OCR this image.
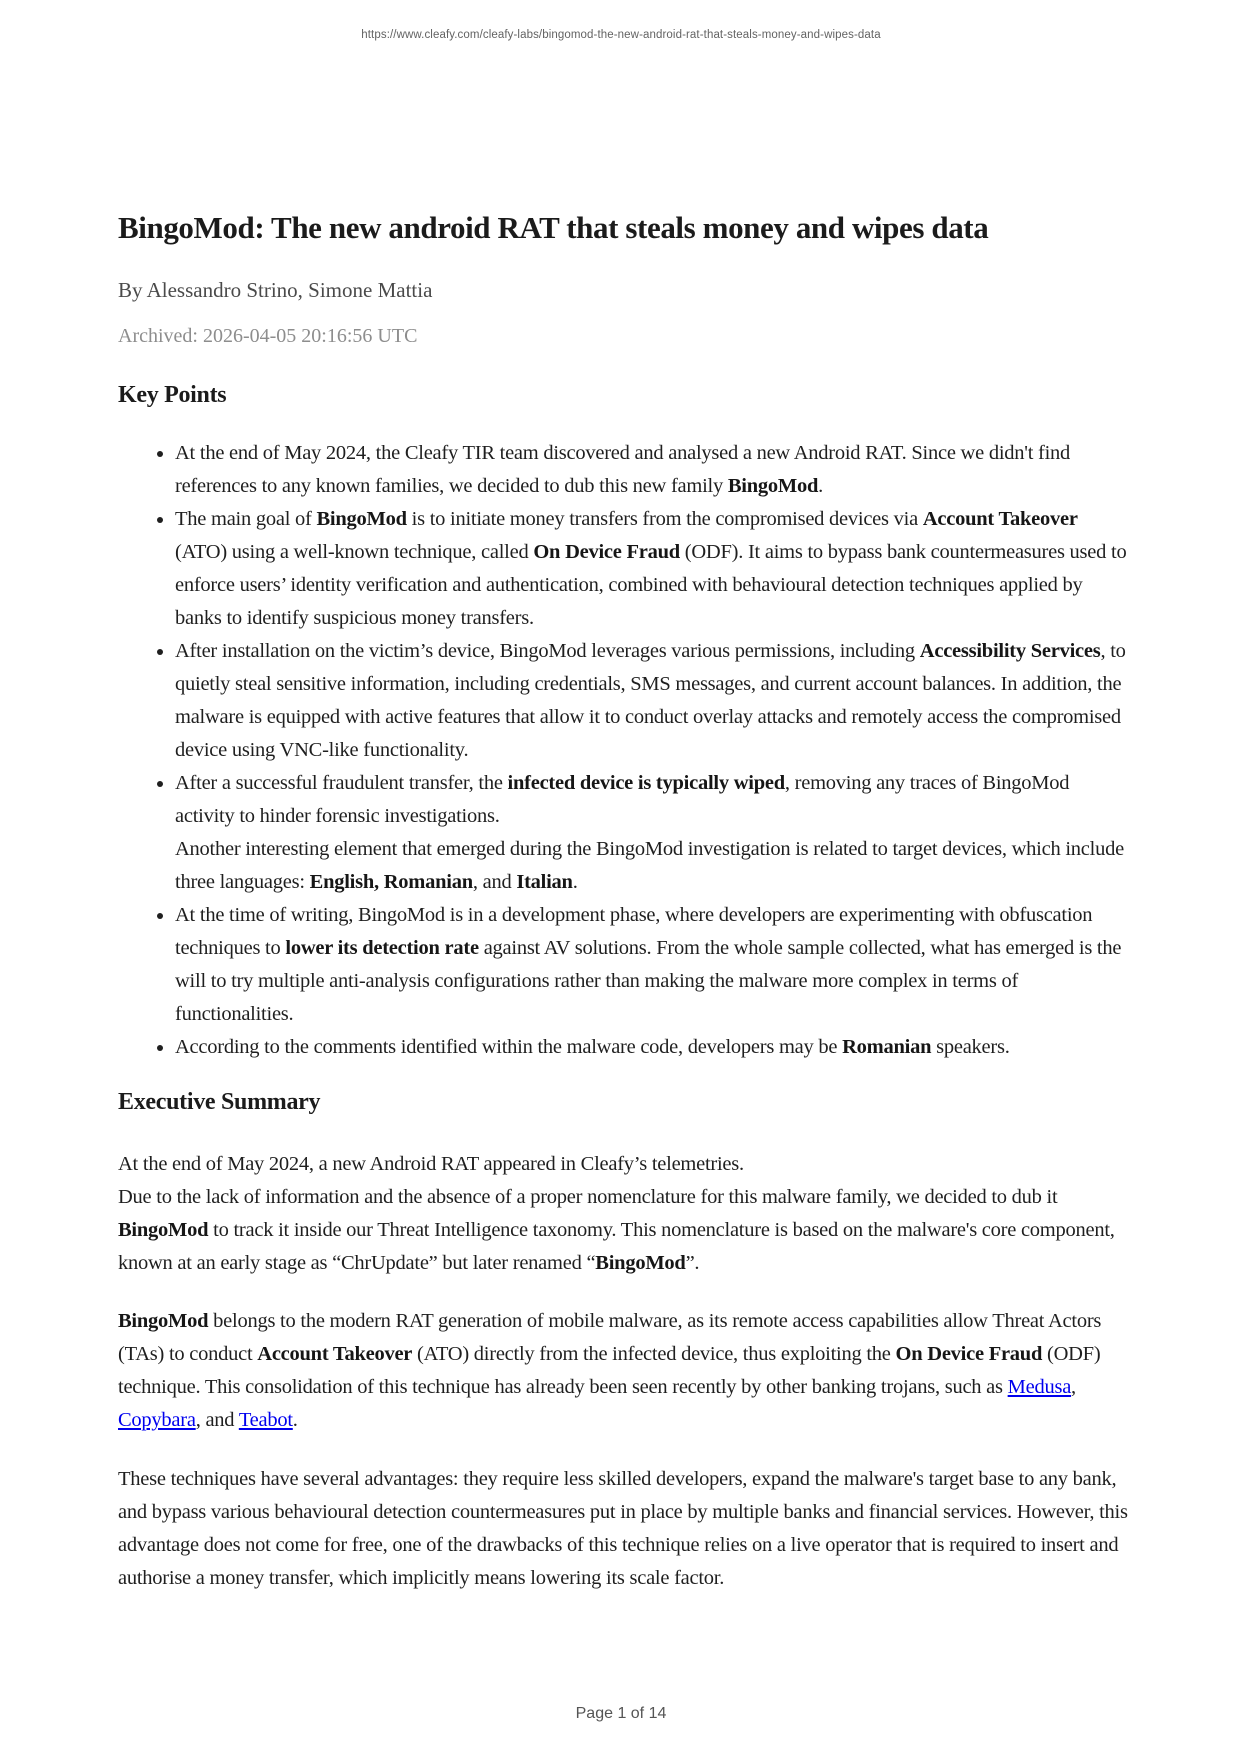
https://www.cleafy.com/cleafy-labs/bingomod-the-new-android-rat-that-steals-money-and-wipes-data
BingoMod: The new android RAT that steals money and wipes data

By Alessandro Strino, Simone Mattia

Archived: 2026-04-05 20:16:56 UTC

Key Points
• At the end of May 2024, the Cleafy TIR team discovered and analysed a new Android RAT. Since we didn't find references to any known families, we decided to dub this new family BingoMod.
• The main goal of BingoMod is to initiate money transfers from the compromised devices via Account Takeover (ATO) using a well-known technique, called On Device Fraud (ODF). It aims to bypass bank countermeasures used to enforce users’ identity verification and authentication, combined with behavioural detection techniques applied by banks to identify suspicious money transfers.
• After installation on the victim’s device, BingoMod leverages various permissions, including Accessibility Services, to quietly steal sensitive information, including credentials, SMS messages, and current account balances. In addition, the malware is equipped with active features that allow it to conduct overlay attacks and remotely access the compromised device using VNC-like functionality.
• After a successful fraudulent transfer, the infected device is typically wiped, removing any traces of BingoMod activity to hinder forensic investigations.
Another interesting element that emerged during the BingoMod investigation is related to target devices, which include three languages: English, Romanian, and Italian.
• At the time of writing, BingoMod is in a development phase, where developers are experimenting with obfuscation techniques to lower its detection rate against AV solutions. From the whole sample collected, what has emerged is the will to try multiple anti-analysis configurations rather than making the malware more complex in terms of functionalities.
• According to the comments identified within the malware code, developers may be Romanian speakers.
Executive Summary

At the end of May 2024, a new Android RAT appeared in Cleafy’s telemetries.
Due to the lack of information and the absence of a proper nomenclature for this malware family, we decided to dub it BingoMod to track it inside our Threat Intelligence taxonomy. This nomenclature is based on the malware's core component, known at an early stage as “ChrUpdate” but later renamed “BingoMod”.

BingoMod belongs to the modern RAT generation of mobile malware, as its remote access capabilities allow Threat Actors (TAs) to conduct Account Takeover (ATO) directly from the infected device, thus exploiting the On Device Fraud (ODF) technique. This consolidation of this technique has already been seen recently by other banking trojans, such as Medusa, Copybara, and Teabot.

These techniques have several advantages: they require less skilled developers, expand the malware's target base to any bank, and bypass various behavioural detection countermeasures put in place by multiple banks and financial services. However, this advantage does not come for free, one of the drawbacks of this technique relies on a live operator that is required to insert and authorise a money transfer, which implicitly means lowering its scale factor.

Page 1 of 14
